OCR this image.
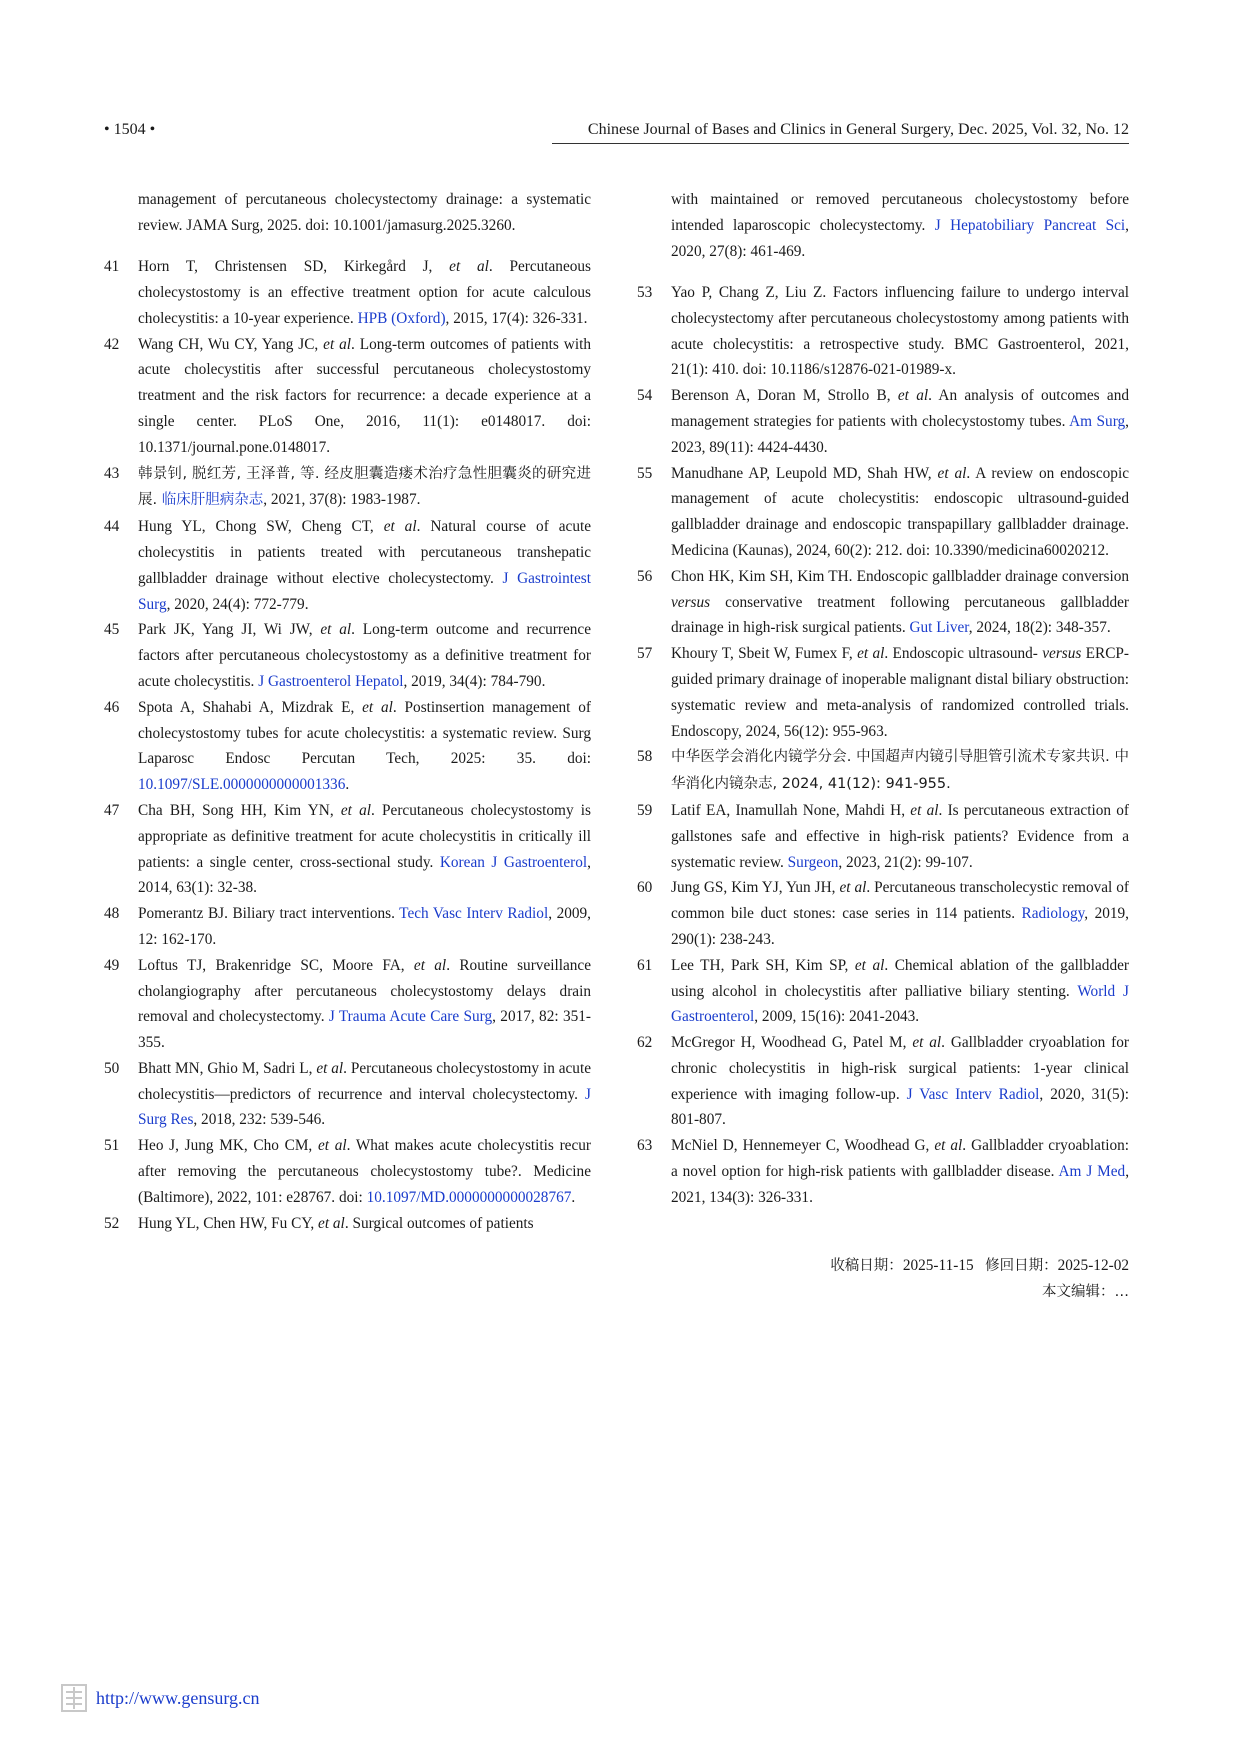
• 1504 •	Chinese Journal of Bases and Clinics in General Surgery, Dec. 2025, Vol. 32, No. 12

management of percutaneous cholecystectomy drainage: a systematic review. JAMA Surg, 2025. doi: 10.1001/jamasurg.2025.3260.

41 Horn T, Christensen SD, Kirkegård J, et al. Percutaneous cholecystostomy is an effective treatment option for acute calculous cholecystitis: a 10-year experience. HPB (Oxford), 2015, 17(4): 326-331.

42 Wang CH, Wu CY, Yang JC, et al. Long-term outcomes of patients with acute cholecystitis after successful percutaneous cholecystostomy treatment and the risk factors for recurrence: a decade experience at a single center. PLoS One, 2016, 11(1): e0148017. doi: 10.1371/journal.pone.0148017.

43 韩景钊, 脱红芳, 王泽普, 等. 经皮胆囊造瘘术治疗急性胆囊炎的研究进展. 临床肝胆病杂志, 2021, 37(8): 1983-1987.

44 Hung YL, Chong SW, Cheng CT, et al. Natural course of acute cholecystitis in patients treated with percutaneous transhepatic gallbladder drainage without elective cholecystectomy. J Gastrointest Surg, 2020, 24(4): 772-779.

45 Park JK, Yang JI, Wi JW, et al. Long-term outcome and recurrence factors after percutaneous cholecystostomy as a definitive treatment for acute cholecystitis. J Gastroenterol Hepatol, 2019, 34(4): 784-790.

46 Spota A, Shahabi A, Mizdrak E, et al. Postinsertion management of cholecystostomy tubes for acute cholecystitis: a systematic review. Surg Laparosc Endosc Percutan Tech, 2025: 35. doi: 10.1097/SLE.0000000000001336.

47 Cha BH, Song HH, Kim YN, et al. Percutaneous cholecystostomy is appropriate as definitive treatment for acute cholecystitis in critically ill patients: a single center, cross-sectional study. Korean J Gastroenterol, 2014, 63(1): 32-38.

48 Pomerantz BJ. Biliary tract interventions. Tech Vasc Interv Radiol, 2009, 12: 162-170.

49 Loftus TJ, Brakenridge SC, Moore FA, et al. Routine surveillance cholangiography after percutaneous cholecystostomy delays drain removal and cholecystectomy. J Trauma Acute Care Surg, 2017, 82: 351-355.

50 Bhatt MN, Ghio M, Sadri L, et al. Percutaneous cholecystostomy in acute cholecystitis—predictors of recurrence and interval cholecystectomy. J Surg Res, 2018, 232: 539-546.

51 Heo J, Jung MK, Cho CM, et al. What makes acute cholecystitis recur after removing the percutaneous cholecystostomy tube?. Medicine (Baltimore), 2022, 101: e28767. doi: 10.1097/MD.0000000000028767.

52 Hung YL, Chen HW, Fu CY, et al. Surgical outcomes of patients

with maintained or removed percutaneous cholecystostomy before intended laparoscopic cholecystectomy. J Hepatobiliary Pancreat Sci, 2020, 27(8): 461-469.

53 Yao P, Chang Z, Liu Z. Factors influencing failure to undergo interval cholecystectomy after percutaneous cholecystostomy among patients with acute cholecystitis: a retrospective study. BMC Gastroenterol, 2021, 21(1): 410. doi: 10.1186/s12876-021-01989-x.

54 Berenson A, Doran M, Strollo B, et al. An analysis of outcomes and management strategies for patients with cholecystostomy tubes. Am Surg, 2023, 89(11): 4424-4430.

55 Manudhane AP, Leupold MD, Shah HW, et al. A review on endoscopic management of acute cholecystitis: endoscopic ultrasound-guided gallbladder drainage and endoscopic transpapillary gallbladder drainage. Medicina (Kaunas), 2024, 60(2): 212. doi: 10.3390/medicina60020212.

56 Chon HK, Kim SH, Kim TH. Endoscopic gallbladder drainage conversion versus conservative treatment following percutaneous gallbladder drainage in high-risk surgical patients. Gut Liver, 2024, 18(2): 348-357.

57 Khoury T, Sbeit W, Fumex F, et al. Endoscopic ultrasound- versus ERCP-guided primary drainage of inoperable malignant distal biliary obstruction: systematic review and meta-analysis of randomized controlled trials. Endoscopy, 2024, 56(12): 955-963.

58 中华医学会消化内镜学分会. 中国超声内镜引导胆管引流术专家共识. 中华消化内镜杂志, 2024, 41(12): 941-955.

59 Latif EA, Inamullah None, Mahdi H, et al. Is percutaneous extraction of gallstones safe and effective in high-risk patients? Evidence from a systematic review. Surgeon, 2023, 21(2): 99-107.

60 Jung GS, Kim YJ, Yun JH, et al. Percutaneous transcholecystic removal of common bile duct stones: case series in 114 patients. Radiology, 2019, 290(1): 238-243.

61 Lee TH, Park SH, Kim SP, et al. Chemical ablation of the gallbladder using alcohol in cholecystitis after palliative biliary stenting. World J Gastroenterol, 2009, 15(16): 2041-2043.

62 McGregor H, Woodhead G, Patel M, et al. Gallbladder cryoablation for chronic cholecystitis in high-risk surgical patients: 1-year clinical experience with imaging follow-up. J Vasc Interv Radiol, 2020, 31(5): 801-807.

63 McNiel D, Hennemeyer C, Woodhead G, et al. Gallbladder cryoablation: a novel option for high-risk patients with gallbladder disease. Am J Med, 2021, 134(3): 326-331.

收稿日期：2025-11-15 修回日期：2025-12-02
本文编辑：…
http://www.gensurg.cn
